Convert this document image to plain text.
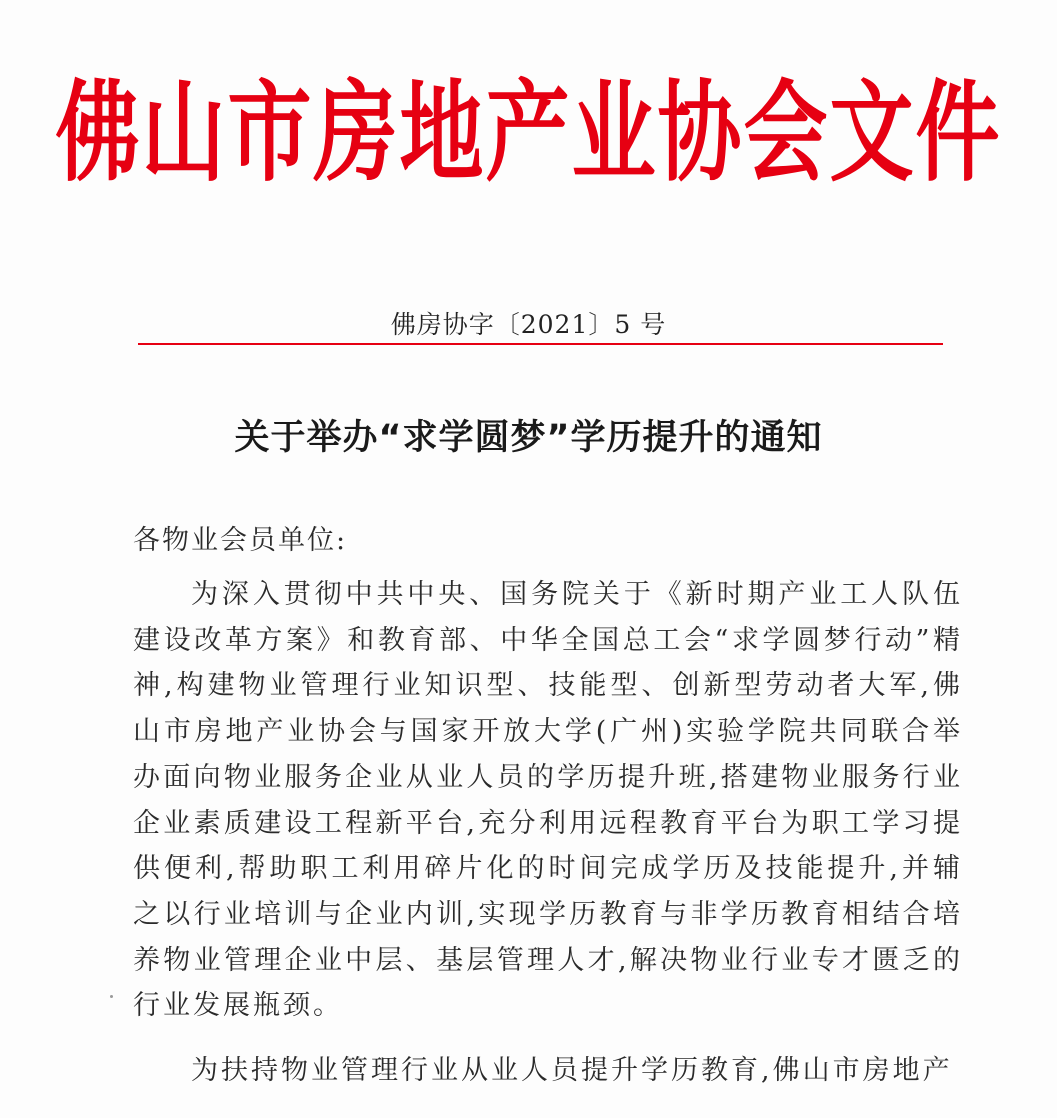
佛山市房地产业协会文件
佛房协字〔2021〕5 号
关于举办“求学圆梦”学历提升的通知
各物业会员单位:
为深入贯彻中共中央、国务院关于《新时期产业工人队伍建设改革方案》和教育部、中华全国总工会“求学圆梦行动”精神,构建物业管理行业知识型、技能型、创新型劳动者大军,佛山市房地产业协会与国家开放大学(广州)实验学院共同联合举办面向物业服务企业从业人员的学历提升班,搭建物业服务行业企业素质建设工程新平台,充分利用远程教育平台为职工学习提供便利,帮助职工利用碎片化的时间完成学历及技能提升,并辅之以行业培训与企业内训,实现学历教育与非学历教育相结合培养物业管理企业中层、基层管理人才,解决物业行业专才匮乏的行业发展瓶颈。
为扶持物业管理行业从业人员提升学历教育,佛山市房地产
